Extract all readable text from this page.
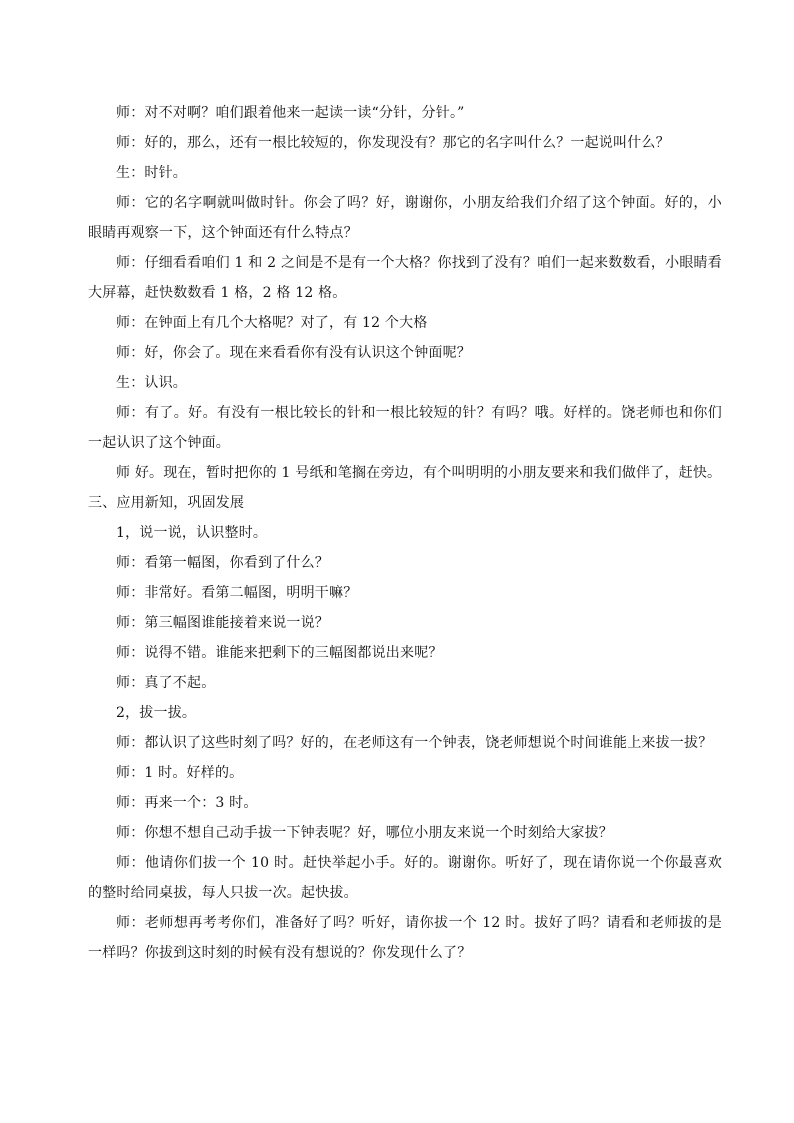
师：对不对啊？咱们跟着他来一起读一读“分针，分针。”

师：好的，那么，还有一根比较短的，你发现没有？那它的名字叫什么？一起说叫什么？

生：时针。

师：它的名字啊就叫做时针。你会了吗？好，谢谢你，小朋友给我们介绍了这个钟面。好的，小眼睛再观察一下，这个钟面还有什么特点？

师：仔细看看咱们 1 和 2 之间是不是有一个大格？你找到了没有？咱们一起来数数看，小眼睛看大屏幕，赶快数数看 1 格，2 格 12 格。

师：在钟面上有几个大格呢？对了，有 12 个大格

师：好，你会了。现在来看看你有没有认识这个钟面呢？

生：认识。

师：有了。好。有没有一根比较长的针和一根比较短的针？有吗？哦。好样的。饶老师也和你们一起认识了这个钟面。

师 好。现在，暂时把你的 1 号纸和笔搁在旁边，有个叫明明的小朋友要来和我们做伴了，赶快。

三、应用新知，巩固发展

1，说一说，认识整时。

师：看第一幅图，你看到了什么？

师：非常好。看第二幅图，明明干嘛？

师：第三幅图谁能接着来说一说？

师：说得不错。谁能来把剩下的三幅图都说出来呢？

师：真了不起。

2，拔一拔。

师：都认识了这些时刻了吗？好的，在老师这有一个钟表，饶老师想说个时间谁能上来拔一拔？

师：1 时。好样的。

师：再来一个：3 时。

师：你想不想自己动手拔一下钟表呢？好，哪位小朋友来说一个时刻给大家拔？

师：他请你们拔一个 10 时。赶快举起小手。好的。谢谢你。听好了，现在请你说一个你最喜欢的整时给同桌拔，每人只拔一次。起快拔。

师：老师想再考考你们，准备好了吗？听好，请你拔一个 12 时。拔好了吗？请看和老师拔的是一样吗？你拔到这时刻的时候有没有想说的？你发现什么了？
